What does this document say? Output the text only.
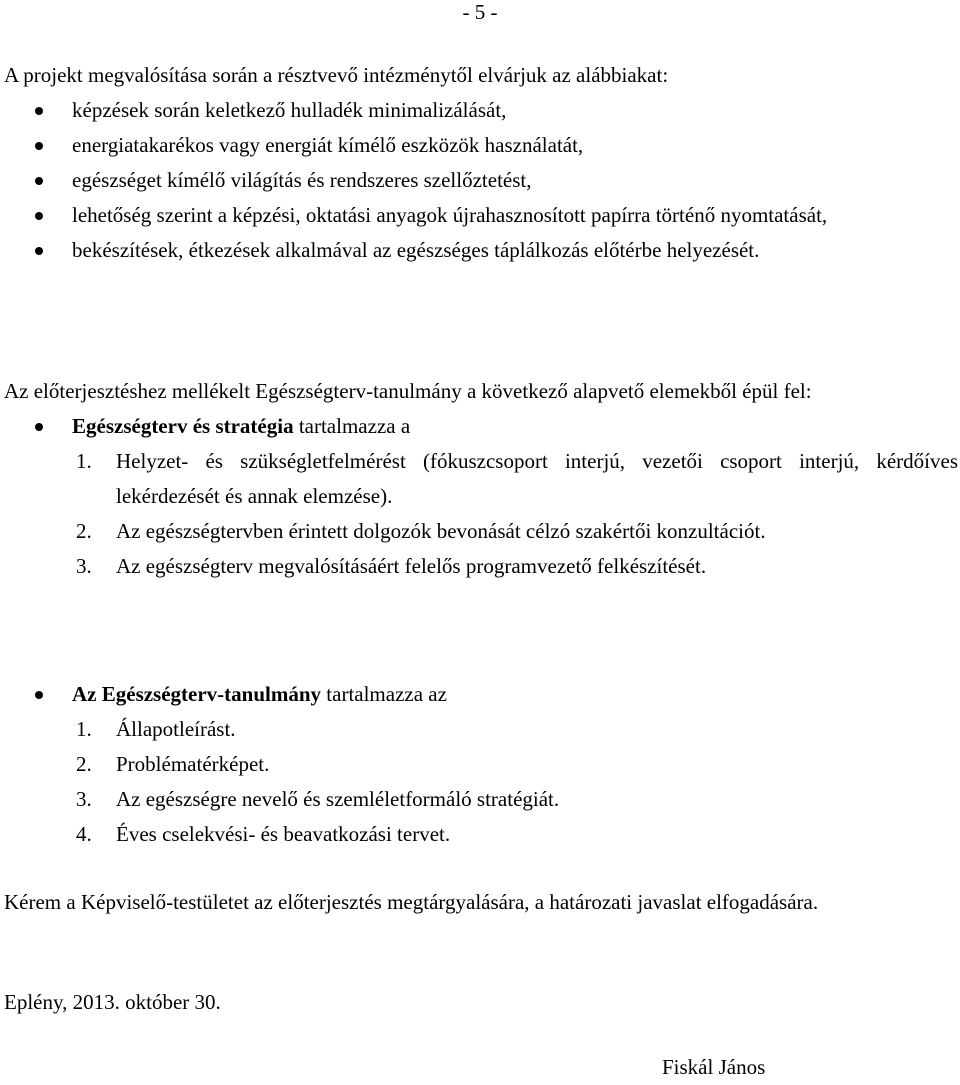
- 5 -
A projekt megvalósítása során a résztvevő intézménytől elvárjuk az alábbiakat:
képzések során keletkező hulladék minimalizálását,
energiatakarékos vagy energiát kímélő eszközök használatát,
egészséget kímélő világítás és rendszeres szellőztetést,
lehetőség szerint a képzési, oktatási anyagok újrahasznosított papírra történő nyomtatását,
bekészítések, étkezések alkalmával az egészséges táplálkozás előtérbe helyezését.
Az előterjesztéshez mellékelt Egészségterv-tanulmány a következő alapvető elemekből épül fel:
Egészségterv és stratégia tartalmazza a
1. Helyzet- és szükségletfelmérést (fókuszcsoport interjú, vezetői csoport interjú, kérdőíves lekérdezését és annak elemzése).
2. Az egészségtervben érintett dolgozók bevonását célzó szakértői konzultációt.
3. Az egészségterv megvalósításáért felelős programvezető felkészítését.
Az Egészségterv-tanulmány tartalmazza az
1. Állapotleírást.
2. Problématérképet.
3. Az egészségre nevelő és szemléletformáló stratégiát.
4. Éves cselekvési- és beavatkozási tervet.
Kérem a Képviselő-testületet az előterjesztés megtárgyalására, a határozati javaslat elfogadására.
Eplény, 2013. október 30.
Fiskál János
